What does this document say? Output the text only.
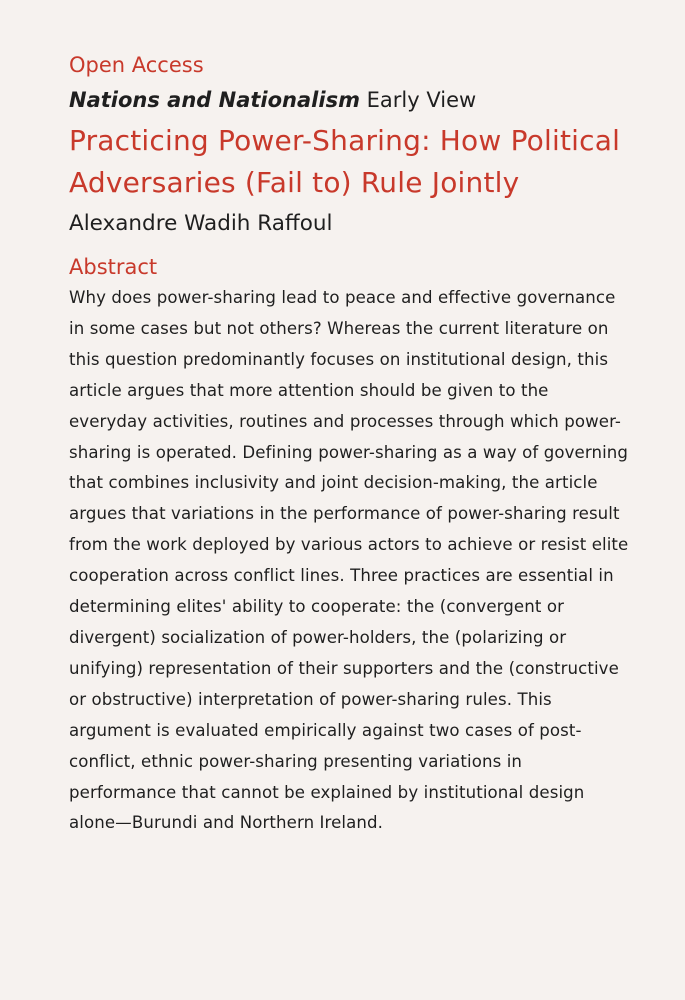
Open Access
Nations and Nationalism Early View
Practicing Power-Sharing: How Political Adversaries (Fail to) Rule Jointly
Alexandre Wadih Raffoul
Abstract
Why does power-sharing lead to peace and effective governance in some cases but not others? Whereas the current literature on this question predominantly focuses on institutional design, this article argues that more attention should be given to the everyday activities, routines and processes through which power-sharing is operated. Defining power-sharing as a way of governing that combines inclusivity and joint decision-making, the article argues that variations in the performance of power-sharing result from the work deployed by various actors to achieve or resist elite cooperation across conflict lines. Three practices are essential in determining elites' ability to cooperate: the (convergent or divergent) socialization of power-holders, the (polarizing or unifying) representation of their supporters and the (constructive or obstructive) interpretation of power-sharing rules. This argument is evaluated empirically against two cases of post-conflict, ethnic power-sharing presenting variations in performance that cannot be explained by institutional design alone—Burundi and Northern Ireland.
